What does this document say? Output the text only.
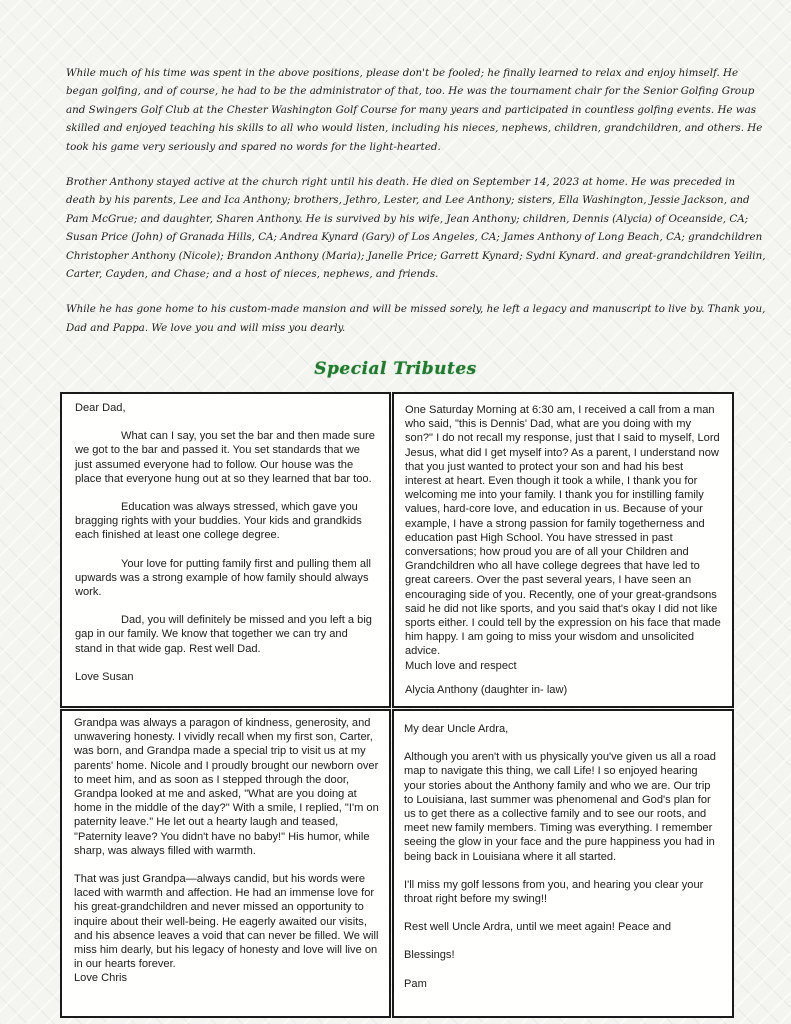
While much of his time was spent in the above positions, please don't be fooled; he finally learned to relax and enjoy himself. He began golfing, and of course, he had to be the administrator of that, too. He was the tournament chair for the Senior Golfing Group and Swingers Golf Club at the Chester Washington Golf Course for many years and participated in countless golfing events. He was skilled and enjoyed teaching his skills to all who would listen, including his nieces, nephews, children, grandchildren, and others. He took his game very seriously and spared no words for the light-hearted.

Brother Anthony stayed active at the church right until his death. He died on September 14, 2023 at home. He was preceded in death by his parents, Lee and Ica Anthony; brothers, Jethro, Lester, and Lee Anthony; sisters, Ella Washington, Jessie Jackson, and Pam McGrue; and daughter, Sharen Anthony. He is survived by his wife, Jean Anthony; children, Dennis (Alycia) of Oceanside, CA; Susan Price (John) of Granada Hills, CA; Andrea Kynard (Gary) of Los Angeles, CA; James Anthony of Long Beach, CA; grandchildren Christopher Anthony (Nicole); Brandon Anthony (Maria); Janelle Price; Garrett Kynard; Sydni Kynard. and great-grandchildren Yeilin, Carter, Cayden, and Chase; and a host of nieces, nephews, and friends.

While he has gone home to his custom-made mansion and will be missed sorely, he left a legacy and manuscript to live by. Thank you, Dad and Pappa. We love you and will miss you dearly.

Special Tributes

Dear Dad,

What can I say, you set the bar and then made sure we got to the bar and passed it. You set standards that we just assumed everyone had to follow. Our house was the place that everyone hung out at so they learned that bar too.

Education was always stressed, which gave you bragging rights with your buddies. Your kids and grandkids each finished at least one college degree.

Your love for putting family first and pulling them all upwards was a strong example of how family should always work.

Dad, you will definitely be missed and you left a big gap in our family. We know that together we can try and stand in that wide gap. Rest well Dad.

Love Susan

One Saturday Morning at 6:30 am, I received a call from a man who said, "this is Dennis' Dad, what are you doing with my son?" I do not recall my response, just that I said to myself, Lord Jesus, what did I get myself into? As a parent, I understand now that you just wanted to protect your son and had his best interest at heart. Even though it took a while, I thank you for welcoming me into your family. I thank you for instilling family values, hard-core love, and education in us. Because of your example, I have a strong passion for family togetherness and education past High School. You have stressed in past conversations; how proud you are of all your Children and Grandchildren who all have college degrees that have led to great careers. Over the past several years, I have seen an encouraging side of you. Recently, one of your great-grandsons said he did not like sports, and you said that's okay I did not like sports either. I could tell by the expression on his face that made him happy. I am going to miss your wisdom and unsolicited advice.

Much love and respect

Alycia Anthony (daughter in- law)

Grandpa was always a paragon of kindness, generosity, and unwavering honesty. I vividly recall when my first son, Carter, was born, and Grandpa made a special trip to visit us at my parents' home. Nicole and I proudly brought our newborn over to meet him, and as soon as I stepped through the door, Grandpa looked at me and asked, "What are you doing at home in the middle of the day?" With a smile, I replied, "I'm on paternity leave." He let out a hearty laugh and teased, "Paternity leave? You didn't have no baby!" His humor, while sharp, was always filled with warmth.

That was just Grandpa—always candid, but his words were laced with warmth and affection. He had an immense love for his great-grandchildren and never missed an opportunity to inquire about their well-being. He eagerly awaited our visits, and his absence leaves a void that can never be filled. We will miss him dearly, but his legacy of honesty and love will live on in our hearts forever.

Love Chris

My dear Uncle Ardra,

Although you aren't with us physically you've given us all a road map to navigate this thing, we call Life! I so enjoyed hearing your stories about the Anthony family and who we are. Our trip to Louisiana, last summer was phenomenal and God's plan for us to get there as a collective family and to see our roots, and meet new family members. Timing was everything. I remember seeing the glow in your face and the pure happiness you had in being back in Louisiana where it all started.

I'll miss my golf lessons from you, and hearing you clear your throat right before my swing!!

Rest well Uncle Ardra, until we meet again! Peace and

Blessings!

Pam
